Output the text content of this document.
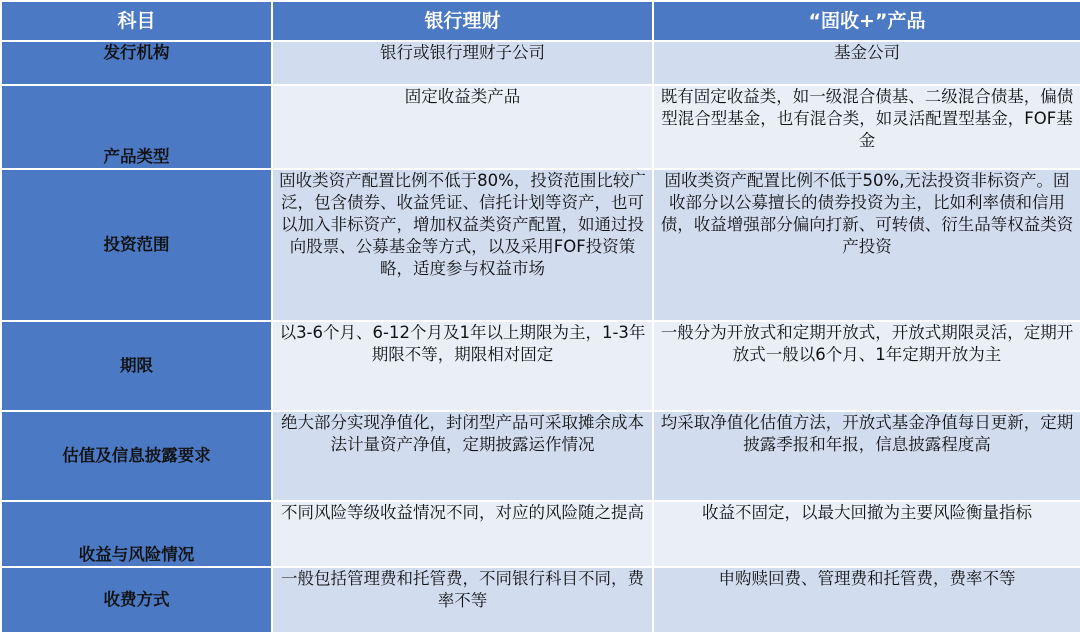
科目	银行理财	“固收+”产品
发行机构	银行或银行理财子公司	基金公司
产品类型	固定收益类产品	既有固定收益类，如一级混合债基、二级混合债基，偏债型混合型基金，也有混合类，如灵活配置型基金，FOF基金
投资范围	固收类资产配置比例不低于80%，投资范围比较广泛，包含债券、收益凭证、信托计划等资产，也可以加入非标资产，增加权益类资产配置，如通过投向股票、公募基金等方式，以及采用FOF投资策略，适度参与权益市场	固收类资产配置比例不低于50%,无法投资非标资产。固收部分以公募擅长的债券投资为主，比如利率债和信用债，收益增强部分偏向打新、可转债、衍生品等权益类资产投资
期限	以3-6个月、6-12个月及1年以上期限为主，1-3年期限不等，期限相对固定	一般分为开放式和定期开放式，开放式期限灵活，定期开放式一般以6个月、1年定期开放为主
估值及信息披露要求	绝大部分实现净值化，封闭型产品可采取摊余成本法计量资产净值，定期披露运作情况	均采取净值化估值方法，开放式基金净值每日更新，定期披露季报和年报，信息披露程度高
收益与风险情况	不同风险等级收益情况不同，对应的风险随之提高	收益不固定，以最大回撤为主要风险衡量指标
收费方式	一般包括管理费和托管费，不同银行科目不同，费率不等	申购赎回费、管理费和托管费，费率不等
